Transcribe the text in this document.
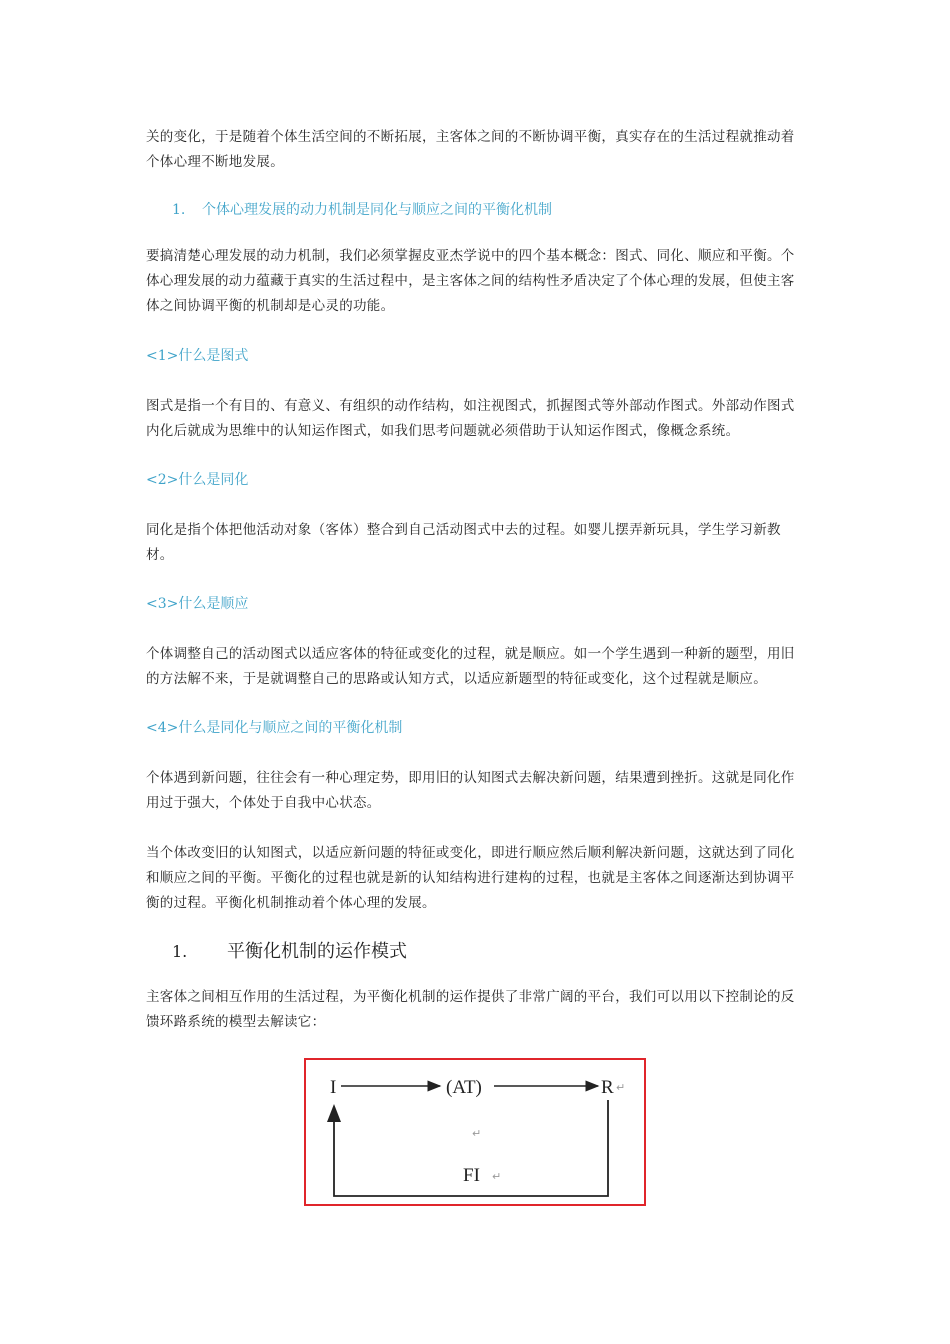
关的变化，于是随着个体生活空间的不断拓展，主客体之间的不断协调平衡，真实存在的生活过程就推动着个体心理不断地发展。

1. 个体心理发展的动力机制是同化与顺应之间的平衡化机制

要搞清楚心理发展的动力机制，我们必须掌握皮亚杰学说中的四个基本概念：图式、同化、顺应和平衡。个体心理发展的动力蕴藏于真实的生活过程中，是主客体之间的结构性矛盾决定了个体心理的发展，但使主客体之间协调平衡的机制却是心灵的功能。

<1>什么是图式

图式是指一个有目的、有意义、有组织的动作结构，如注视图式，抓握图式等外部动作图式。外部动作图式内化后就成为思维中的认知运作图式，如我们思考问题就必须借助于认知运作图式，像概念系统。

<2>什么是同化

同化是指个体把他活动对象（客体）整合到自己活动图式中去的过程。如婴儿摆弄新玩具，学生学习新教材。

<3>什么是顺应

个体调整自己的活动图式以适应客体的特征或变化的过程，就是顺应。如一个学生遇到一种新的题型，用旧的方法解不来，于是就调整自己的思路或认知方式，以适应新题型的特征或变化，这个过程就是顺应。

<4>什么是同化与顺应之间的平衡化机制

个体遇到新问题，往往会有一种心理定势，即用旧的认知图式去解决新问题，结果遭到挫折。这就是同化作用过于强大，个体处于自我中心状态。

当个体改变旧的认知图式，以适应新问题的特征或变化，即进行顺应然后顺利解决新问题，这就达到了同化和顺应之间的平衡。平衡化的过程也就是新的认知结构进行建构的过程，也就是主客体之间逐渐达到协调平衡的过程。平衡化机制推动着个体心理的发展。

1. 平衡化机制的运作模式

主客体之间相互作用的生活过程，为平衡化机制的运作提供了非常广阔的平台，我们可以用以下控制论的反馈环路系统的模型去解读它：

I	(AT)	R ↵
↵
FI ↵
